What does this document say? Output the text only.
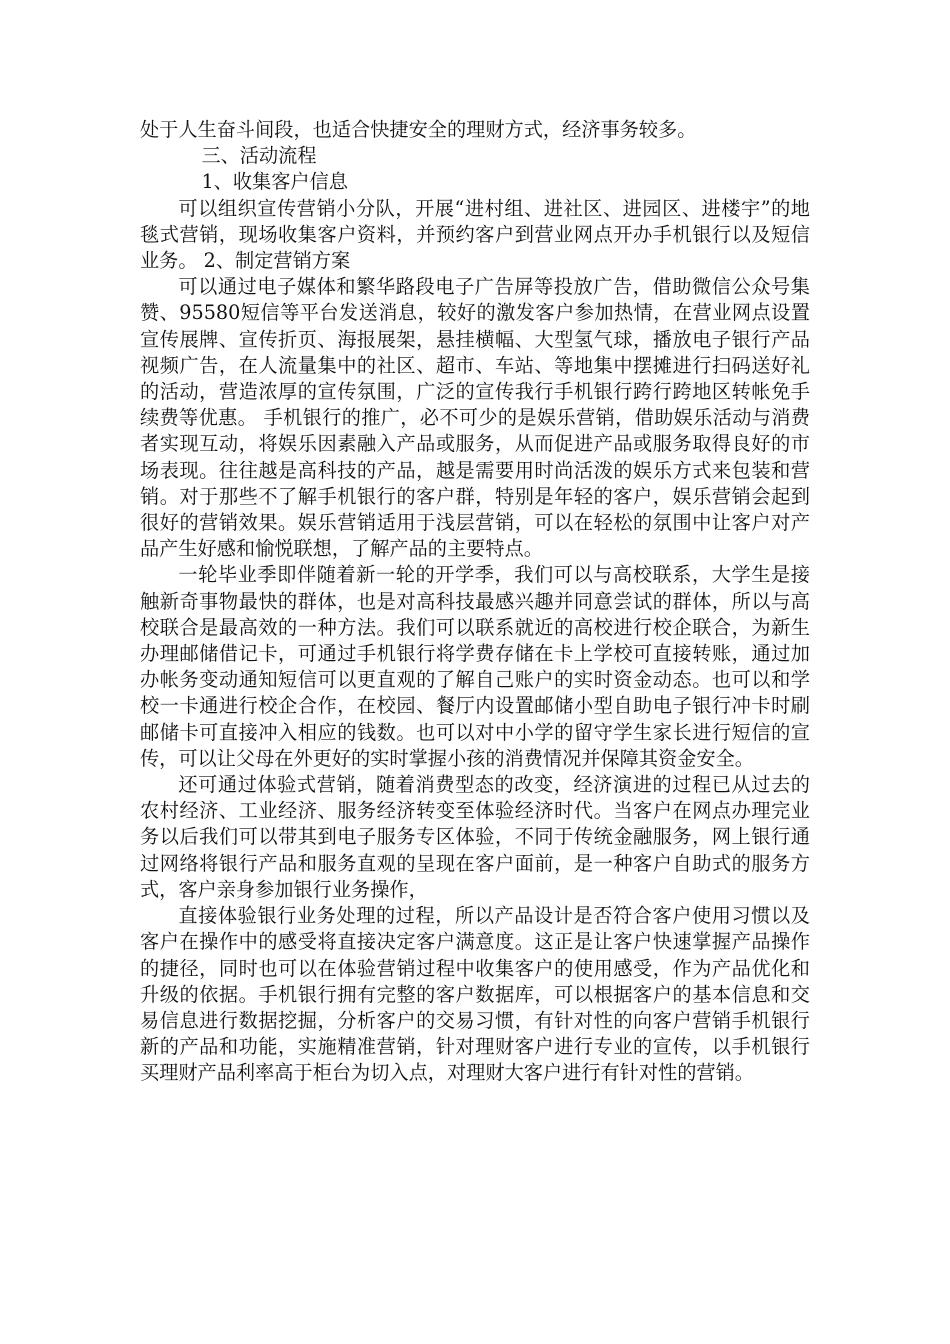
处于人生奋斗间段，也适合快捷安全的理财方式，经济事务较多。

三、活动流程

1、收集客户信息

可以组织宣传营销小分队，开展“进村组、进社区、进园区、进楼宇”的地毯式营销，现场收集客户资料，并预约客户到营业网点开办手机银行以及短信业务。 2、制定营销方案

可以通过电子媒体和繁华路段电子广告屏等投放广告，借助微信公众号集赞、95580短信等平台发送消息，较好的激发客户参加热情，在营业网点设置宣传展牌、宣传折页、海报展架，悬挂横幅、大型氢气球，播放电子银行产品视频广告，在人流量集中的社区、超市、车站、等地集中摆摊进行扫码送好礼的活动，营造浓厚的宣传氛围，广泛的宣传我行手机银行跨行跨地区转帐免手续费等优惠。 手机银行的推广，必不可少的是娱乐营销，借助娱乐活动与消费者实现互动，将娱乐因素融入产品或服务，从而促进产品或服务取得良好的市场表现。往往越是高科技的产品，越是需要用时尚活泼的娱乐方式来包装和营销。对于那些不了解手机银行的客户群，特别是年轻的客户，娱乐营销会起到很好的营销效果。娱乐营销适用于浅层营销，可以在轻松的氛围中让客户对产品产生好感和愉悦联想，了解产品的主要特点。

一轮毕业季即伴随着新一轮的开学季，我们可以与高校联系，大学生是接触新奇事物最快的群体，也是对高科技最感兴趣并同意尝试的群体，所以与高校联合是最高效的一种方法。我们可以联系就近的高校进行校企联合，为新生办理邮储借记卡，可通过手机银行将学费存储在卡上学校可直接转账，通过加办帐务变动通知短信可以更直观的了解自己账户的实时资金动态。也可以和学校一卡通进行校企合作，在校园、餐厅内设置邮储小型自助电子银行冲卡时刷邮储卡可直接冲入相应的钱数。也可以对中小学的留守学生家长进行短信的宣传，可以让父母在外更好的实时掌握小孩的消费情况并保障其资金安全。

还可通过体验式营销，随着消费型态的改变，经济演进的过程已从过去的农村经济、工业经济、服务经济转变至体验经济时代。当客户在网点办理完业务以后我们可以带其到电子服务专区体验，不同于传统金融服务，网上银行通过网络将银行产品和服务直观的呈现在客户面前，是一种客户自助式的服务方式，客户亲身参加银行业务操作，

直接体验银行业务处理的过程，所以产品设计是否符合客户使用习惯以及客户在操作中的感受将直接决定客户满意度。这正是让客户快速掌握产品操作的捷径，同时也可以在体验营销过程中收集客户的使用感受，作为产品优化和升级的依据。手机银行拥有完整的客户数据库，可以根据客户的基本信息和交易信息进行数据挖掘，分析客户的交易习惯，有针对性的向客户营销手机银行新的产品和功能，实施精准营销，针对理财客户进行专业的宣传，以手机银行买理财产品利率高于柜台为切入点，对理财大客户进行有针对性的营销。
